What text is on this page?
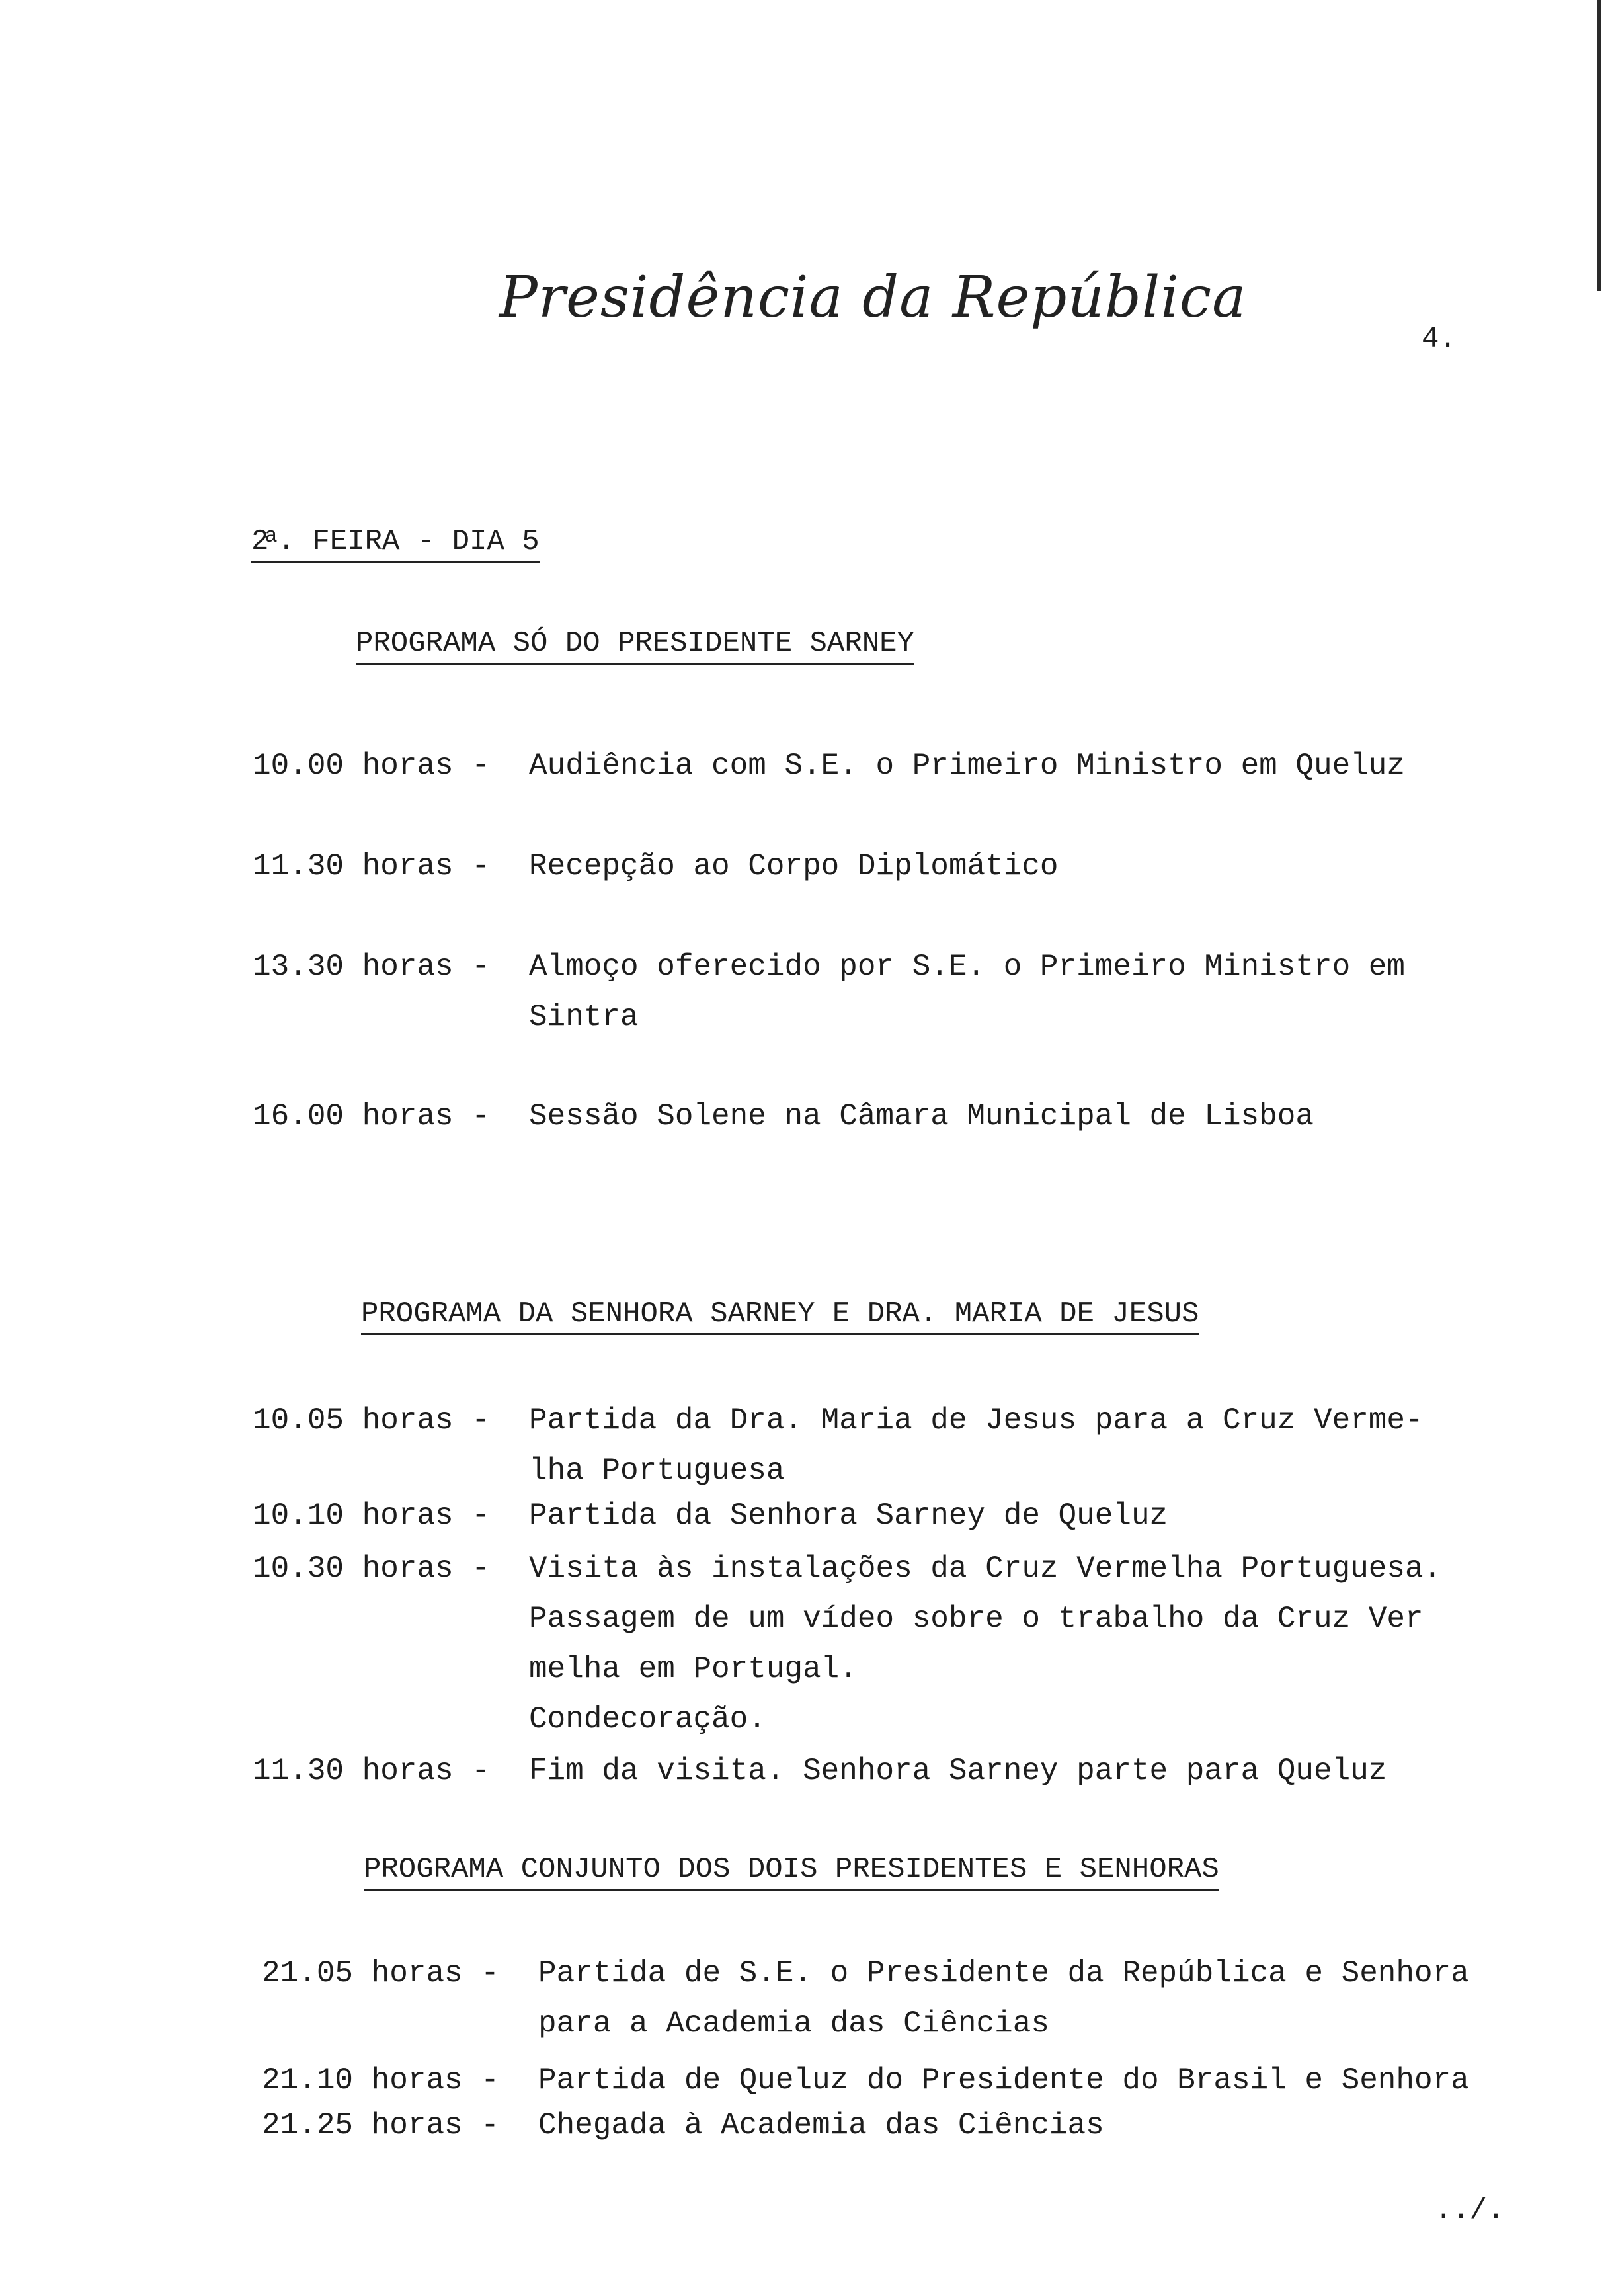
Presidência da República
4.
2$^a$. FEIRA - DIA 5
PROGRAMA SÓ DO PRESIDENTE SARNEY
10.00 horas - Audiência com S.E. o Primeiro Ministro em Queluz
11.30 horas - Recepção ao Corpo Diplomático
13.30 horas - Almoço oferecido por S.E. o Primeiro Ministro em
Sintra
16.00 horas - Sessão Solene na Câmara Municipal de Lisboa
PROGRAMA DA SENHORA SARNEY E DRA. MARIA DE JESUS
10.05 horas - Partida da Dra. Maria de Jesus para a Cruz Verme-
lha Portuguesa
10.10 horas - Partida da Senhora Sarney de Queluz
10.30 horas - Visita às instalações da Cruz Vermelha Portuguesa.
Passagem de um vídeo sobre o trabalho da Cruz Ver
melha em Portugal.
Condecoração.
11.30 horas - Fim da visita. Senhora Sarney parte para Queluz
PROGRAMA CONJUNTO DOS DOIS PRESIDENTES E SENHORAS
21.05 horas - Partida de S.E. o Presidente da República e Senhora
para a Academia das Ciências
21.10 horas - Partida de Queluz do Presidente do Brasil e Senhora
21.25 horas - Chegada à Academia das Ciências
../.
